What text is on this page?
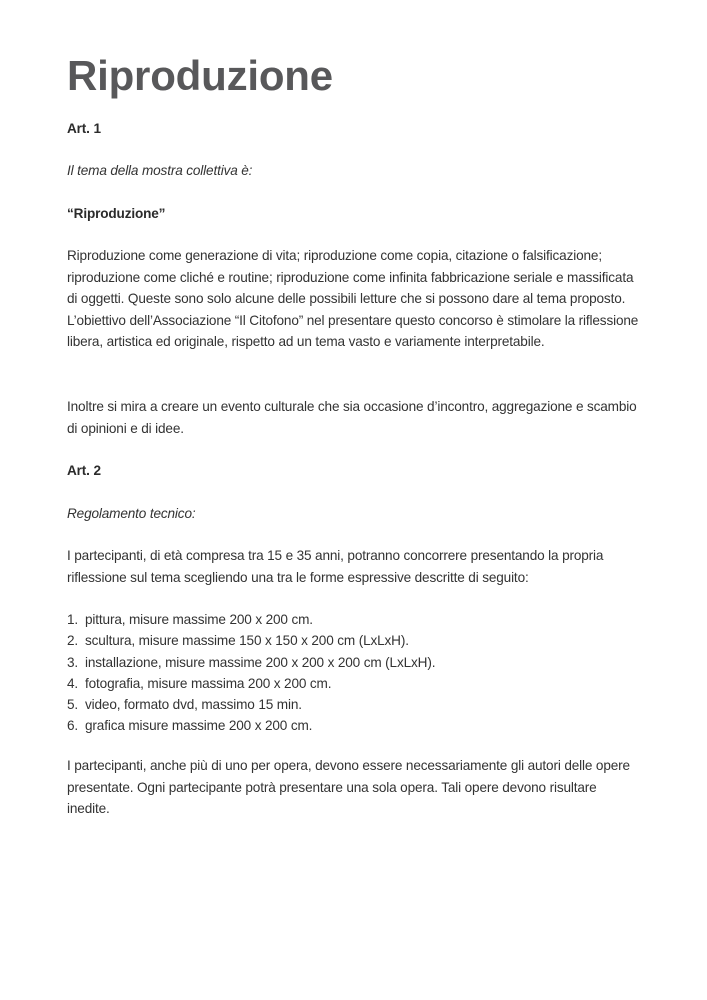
Riproduzione

Art. 1

Il tema della mostra collettiva è:

“Riproduzione”

Riproduzione come generazione di vita; riproduzione come copia, citazione o falsificazione; riproduzione come cliché e routine; riproduzione come infinita fabbricazione seriale e massificata di oggetti. Queste sono solo alcune delle possibili letture che si possono dare al tema proposto. L’obiettivo dell’Associazione “Il Citofono” nel presentare questo concorso è stimolare la riflessione libera, artistica ed originale, rispetto ad un tema vasto e variamente interpretabile.

Inoltre si mira a creare un evento culturale che sia occasione d’incontro, aggregazione e scambio di opinioni e di idee.

Art. 2

Regolamento tecnico:

I partecipanti, di età compresa tra 15 e 35 anni, potranno concorrere presentando la propria riflessione sul tema scegliendo una tra le forme espressive descritte di seguito:

1. pittura, misure massime 200 x 200 cm.
2. scultura, misure massime 150 x 150 x 200 cm (LxLxH).
3. installazione, misure massime 200 x 200 x 200 cm (LxLxH).
4. fotografia, misure massima 200 x 200 cm.
5. video, formato dvd, massimo 15 min.
6. grafica misure massime 200 x 200 cm.

I partecipanti, anche più di uno per opera, devono essere necessariamente gli autori delle opere presentate. Ogni partecipante potrà presentare una sola opera. Tali opere devono risultare inedite.
